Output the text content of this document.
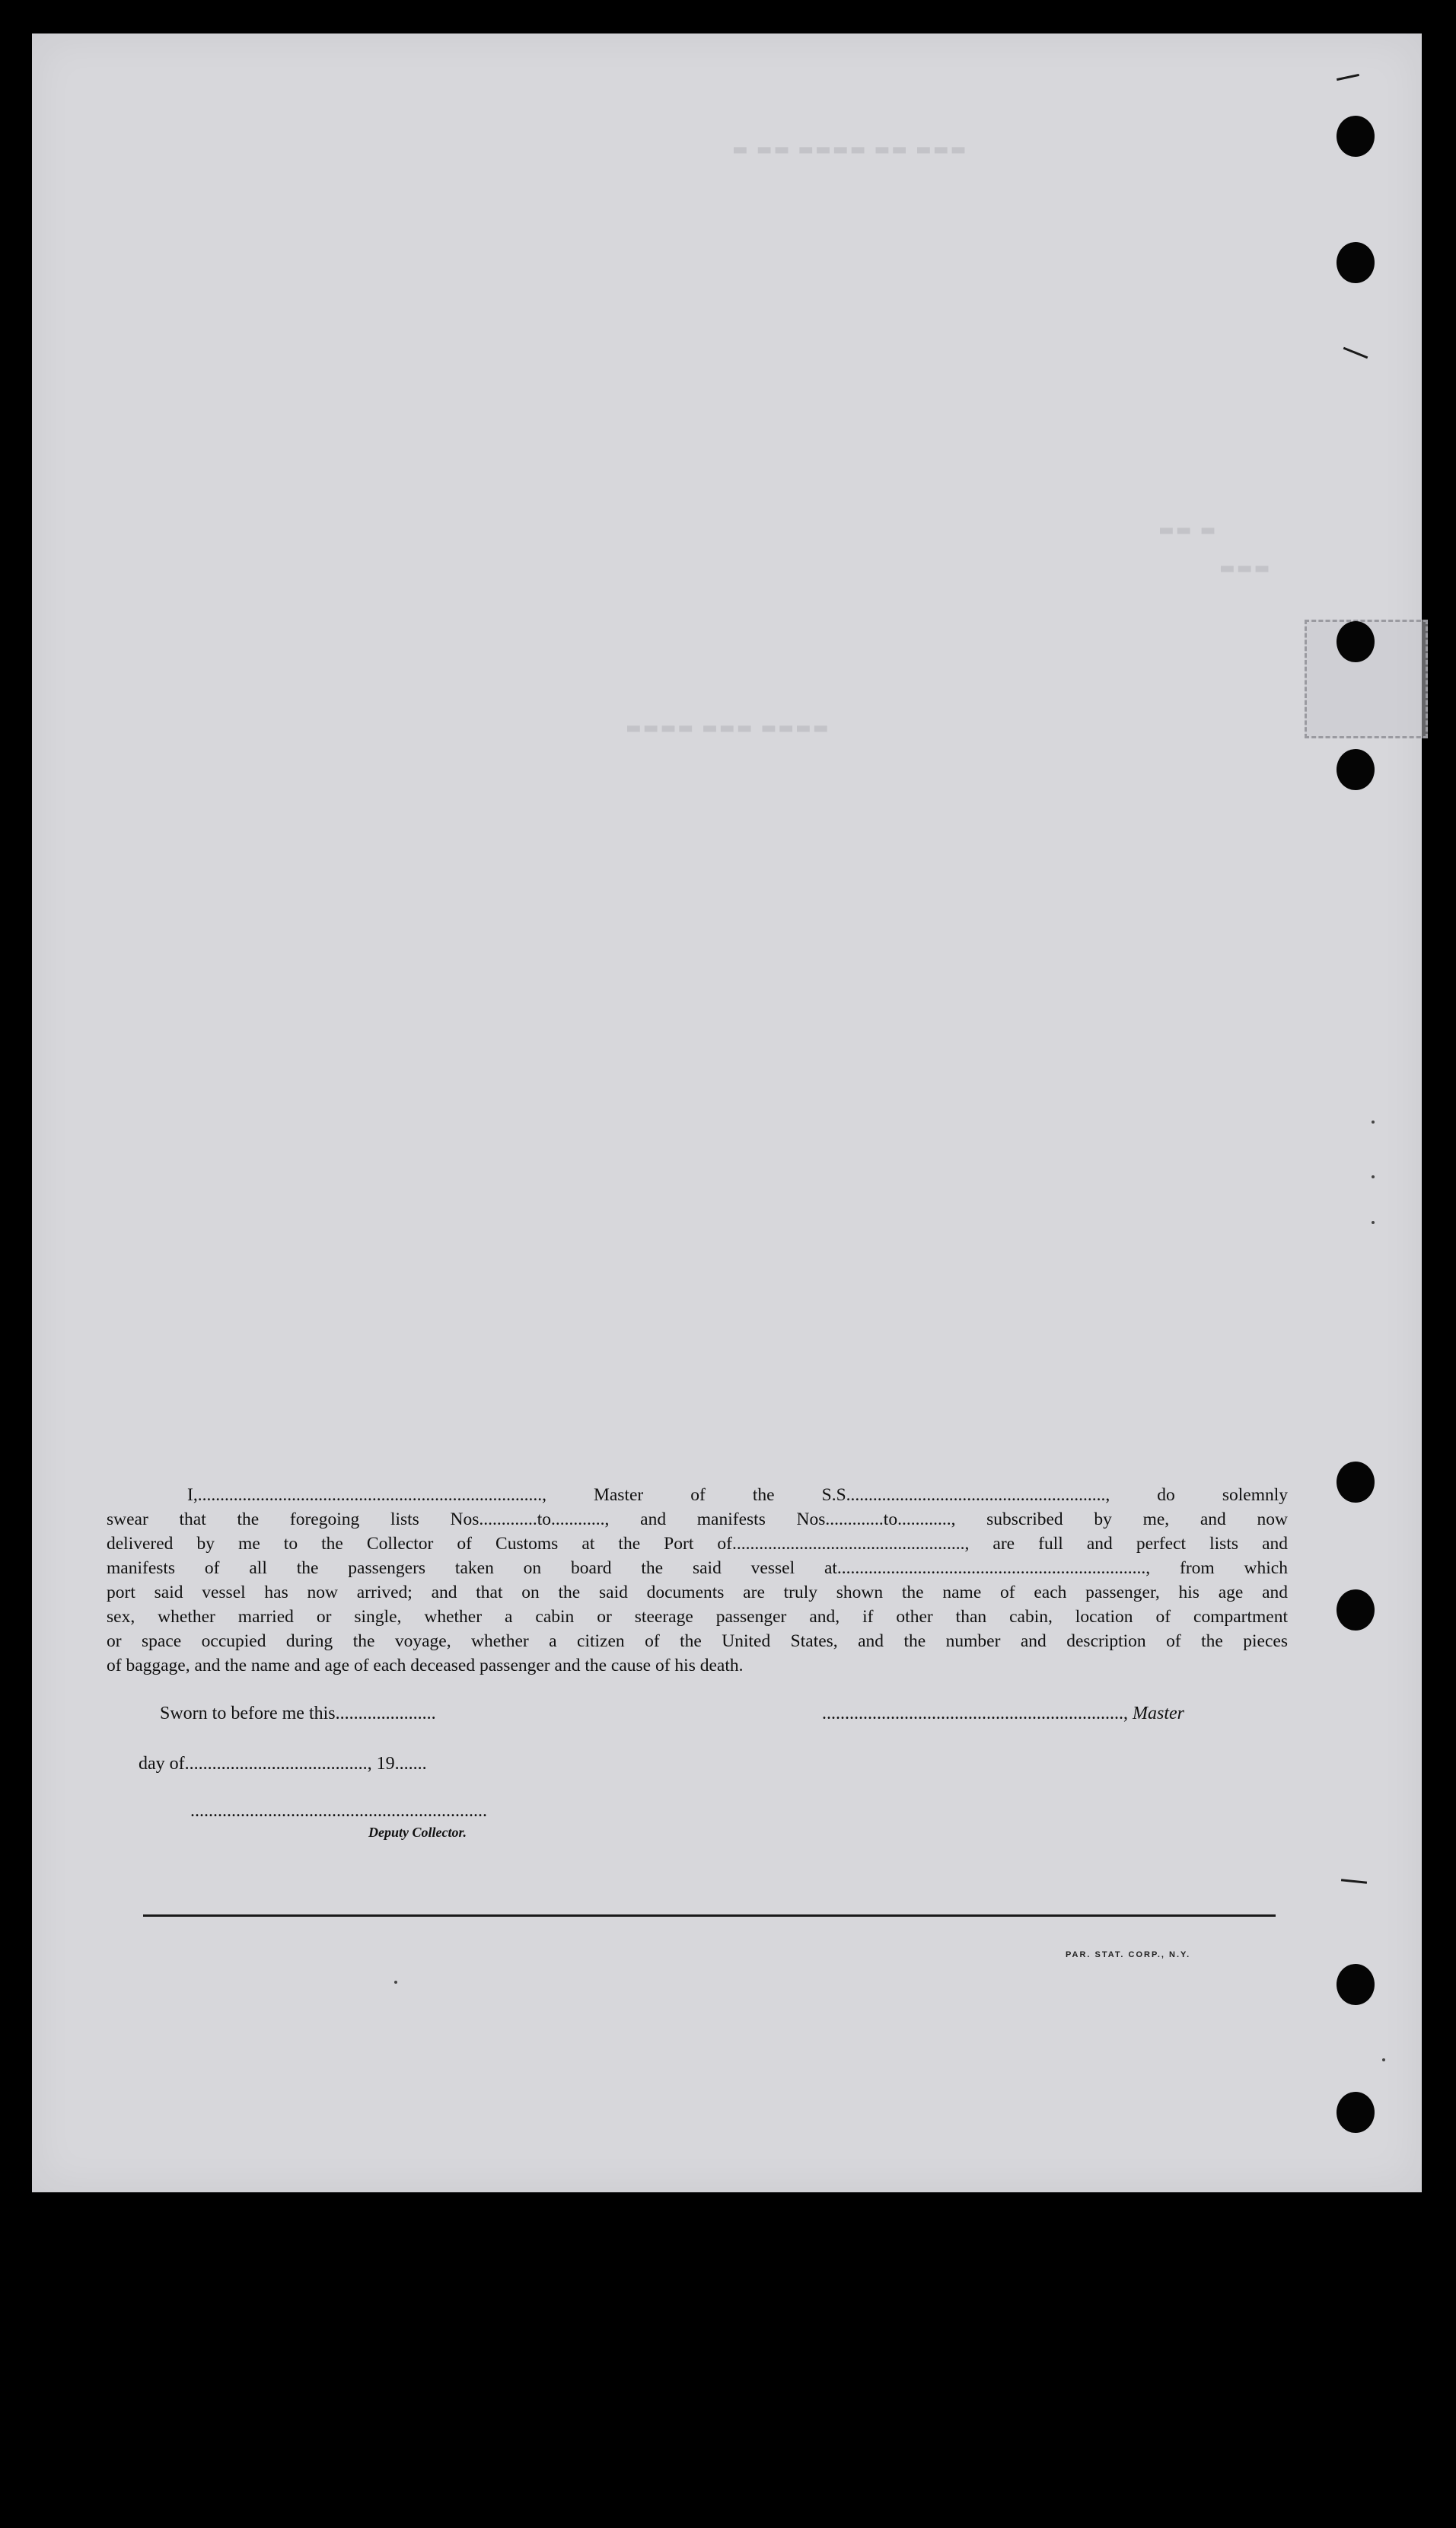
▬ ▬▬ ▬▬▬▬ ▬▬ ▬▬▬
▬▬ ▬
▬▬▬
▬▬▬▬ ▬▬▬ ▬▬▬▬
I,............................................................................., Master of the S.S.........................................................., do solemnly
swear that the foregoing lists Nos.............to............, and manifests Nos.............to............, subscribed by me, and now
delivered by me to the Collector of Customs at the Port of...................................................., are full and perfect lists and
manifests of all the passengers taken on board the said vessel at....................................................................., from which
port said vessel has now arrived; and that on the said documents are truly shown the name of each passenger, his age and
sex, whether married or single, whether a cabin or steerage passenger and, if other than cabin, location of compartment
or space occupied during the voyage, whether a citizen of the United States, and the number and description of the pieces
of baggage, and the name and age of each deceased passenger and the cause of his death.
Sworn to before me this......................	.................................................................., Master
day of........................................, 19.......
.................................................................
Deputy Collector.
PAR. STAT. CORP., N.Y.
